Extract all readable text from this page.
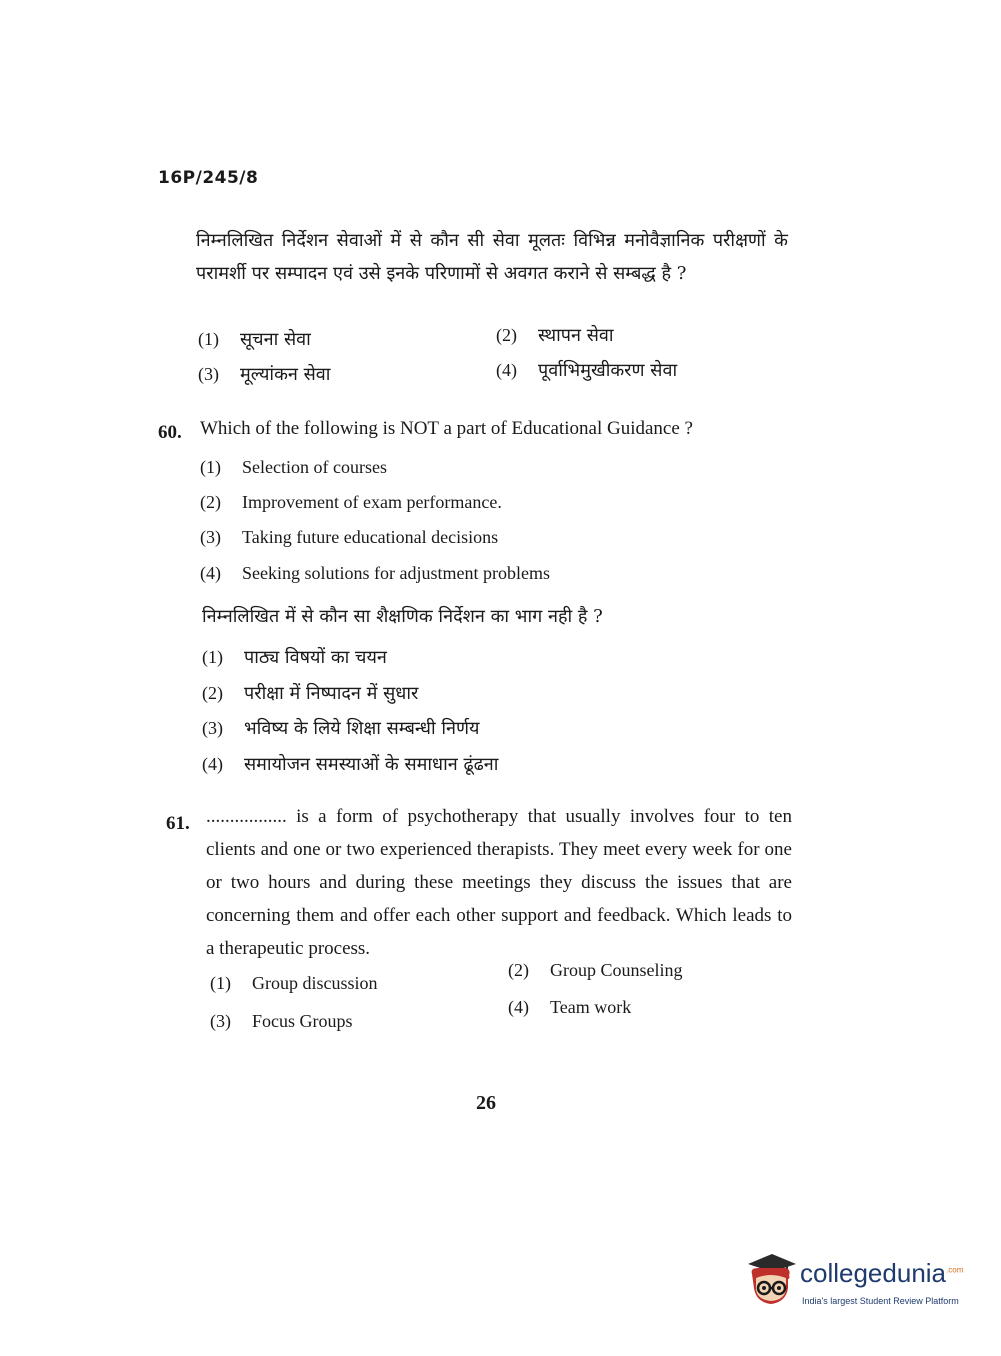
16P/245/8
निम्नलिखित निर्देशन सेवाओं में से कौन सी सेवा मूलतः विभिन्न मनोवैज्ञानिक परीक्षणों के परामर्शी पर सम्पादन एवं उसे इनके परिणामों से अवगत कराने से सम्बद्ध है ?
(1) सूचना सेवा	(2) स्थापन सेवा
(3) मूल्यांकन सेवा	(4) पूर्वाभिमुखीकरण सेवा
60. Which of the following is NOT a part of Educational Guidance ?
(1) Selection of courses
(2) Improvement of exam performance.
(3) Taking future educational decisions
(4) Seeking solutions for adjustment problems
निम्नलिखित में से कौन सा शैक्षणिक निर्देशन का भाग नही है ?
(1) पाठ्य विषयों का चयन
(2) परीक्षा में निष्पादन में सुधार
(3) भविष्य के लिये शिक्षा सम्बन्धी निर्णय
(4) समायोजन समस्याओं के समाधान ढूंढना
61. ................. is a form of psychotherapy that usually involves four to ten clients and one or two experienced therapists. They meet every week for one or two hours and during these meetings they discuss the issues that are concerning them and offer each other support and feedback. Which leads to a therapeutic process.
(1) Group discussion
(2) Group Counseling
(3) Focus Groups
(4) Team work
26
collegedunia$^{.com}$
India's largest Student Review Platform
